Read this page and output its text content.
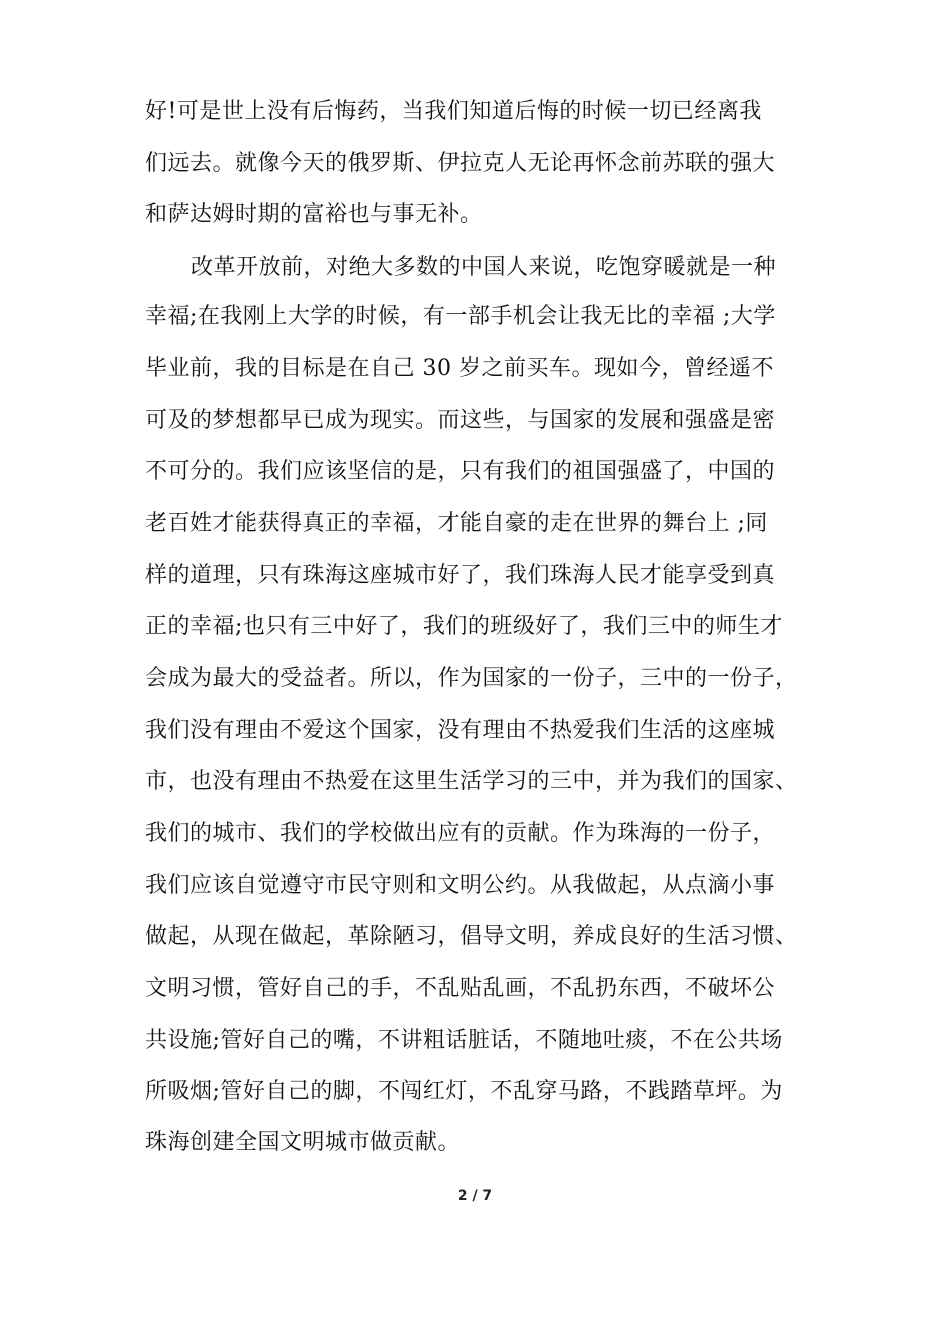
好!可是世上没有后悔药，当我们知道后悔的时候一切已经离我
们远去。就像今天的俄罗斯、伊拉克人无论再怀念前苏联的强大
和萨达姆时期的富裕也与事无补。
改革开放前，对绝大多数的中国人来说，吃饱穿暖就是一种
幸福;在我刚上大学的时候，有一部手机会让我无比的幸福 ;大学
毕业前，我的目标是在自己 30 岁之前买车。现如今，曾经遥不
可及的梦想都早已成为现实。而这些，与国家的发展和强盛是密
不可分的。我们应该坚信的是，只有我们的祖国强盛了，中国的
老百姓才能获得真正的幸福，才能自豪的走在世界的舞台上 ;同
样的道理，只有珠海这座城市好了，我们珠海人民才能享受到真
正的幸福;也只有三中好了，我们的班级好了，我们三中的师生才
会成为最大的受益者。所以，作为国家的一份子，三中的一份子，
我们没有理由不爱这个国家，没有理由不热爱我们生活的这座城
市，也没有理由不热爱在这里生活学习的三中，并为我们的国家、
我们的城市、我们的学校做出应有的贡献。作为珠海的一份子，
我们应该自觉遵守市民守则和文明公约。从我做起，从点滴小事
做起，从现在做起，革除陋习，倡导文明，养成良好的生活习惯、
文明习惯，管好自己的手，不乱贴乱画，不乱扔东西，不破坏公
共设施;管好自己的嘴，不讲粗话脏话，不随地吐痰，不在公共场
所吸烟;管好自己的脚，不闯红灯，不乱穿马路，不践踏草坪。为
珠海创建全国文明城市做贡献。
2 / 7
